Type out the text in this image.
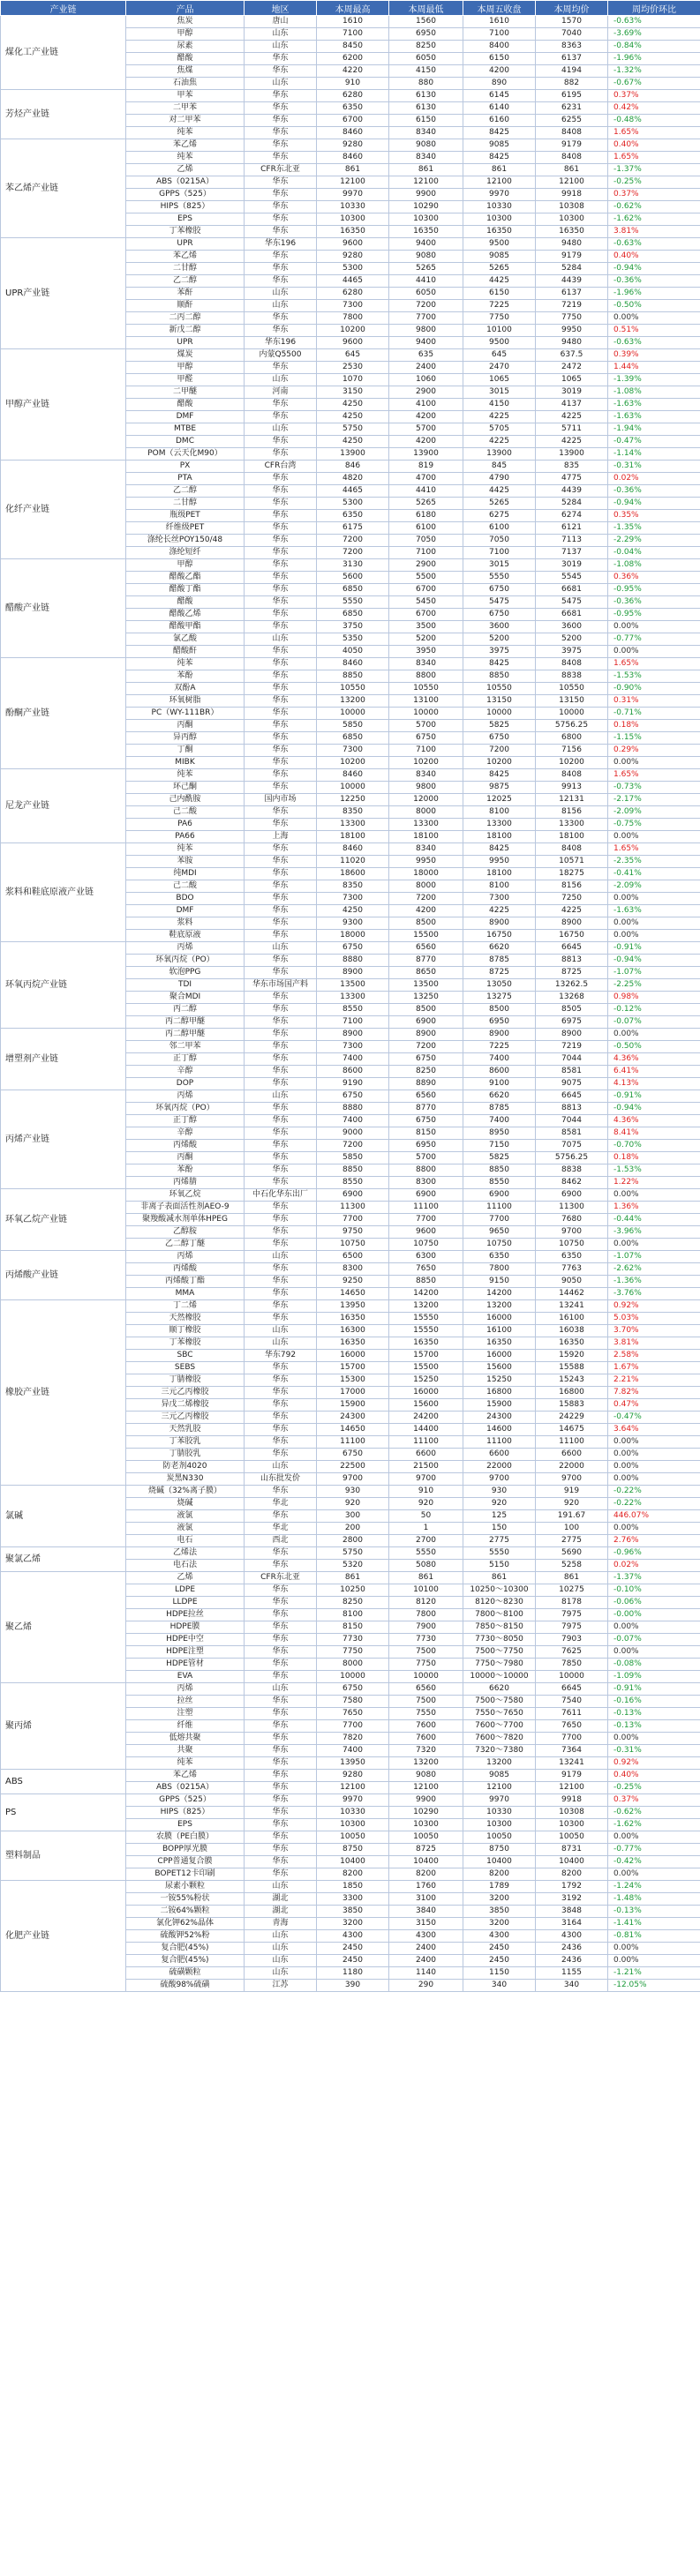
产业链	产品	地区	本周最高	本周最低	本周五收盘	本周均价	周均价环比
煤化工产业链	焦炭	唐山	1610	1560	1610	1570	-0.63%
	甲醇	山东	7100	6950	7100	7040	-3.69%
	尿素	山东	8450	8250	8400	8363	-0.84%
	醋酸	华东	6200	6050	6150	6137	-1.96%
	焦煤	华东	4220	4150	4200	4194	-1.32%
	石油焦	山东	910	880	890	882	-0.67%
芳烃产业链	甲苯	华东	6280	6130	6145	6195	0.37%
	二甲苯	华东	6350	6130	6140	6231	0.42%
	对二甲苯	华东	6700	6150	6160	6255	-0.48%
	纯苯	华东	8460	8340	8425	8408	1.65%
苯乙烯产业链	苯乙烯	华东	9280	9080	9085	9179	0.40%
	纯苯	华东	8460	8340	8425	8408	1.65%
	乙烯	CFR东北亚	861	861	861	861	-1.37%
	ABS（0215A）	华东	12100	12100	12100	12100	-0.25%
	GPPS（525）	华东	9970	9900	9970	9918	0.37%
	HIPS（825）	华东	10330	10290	10330	10308	-0.62%
	EPS	华东	10300	10300	10300	10300	-1.62%
	丁苯橡胶	华东	16350	16350	16350	16350	3.81%
UPR产业链	UPR	华东196	9600	9400	9500	9480	-0.63%
	苯乙烯	华东	9280	9080	9085	9179	0.40%
	二甘醇	华东	5300	5265	5265	5284	-0.94%
	乙二醇	华东	4465	4410	4425	4439	-0.36%
	苯酐	山东	6280	6050	6150	6137	-1.96%
	顺酐	山东	7300	7200	7225	7219	-0.50%
	二丙二醇	华东	7800	7700	7750	7750	0.00%
	新戊二醇	华东	10200	9800	10100	9950	0.51%
	UPR	华东196	9600	9400	9500	9480	-0.63%
甲醇产业链	煤炭	内蒙Q5500	645	635	645	637.5	0.39%
	甲醇	华东	2530	2400	2470	2472	1.44%
	甲醛	山东	1070	1060	1065	1065	-1.39%
	二甲醚	河南	3150	2900	3015	3019	-1.08%
	醋酸	华东	4250	4100	4150	4137	-1.63%
	DMF	华东	4250	4200	4225	4225	-1.63%
	MTBE	山东	5750	5700	5705	5711	-1.94%
	DMC	华东	4250	4200	4225	4225	-0.47%
	POM（云天化M90）	华东	13900	13900	13900	13900	-1.14%
化纤产业链	PX	CFR台湾	846	819	845	835	-0.31%
	PTA	华东	4820	4700	4790	4775	0.02%
	乙二醇	华东	4465	4410	4425	4439	-0.36%
	二甘醇	华东	5300	5265	5265	5284	-0.94%
	瓶级PET	华东	6350	6180	6275	6274	0.35%
	纤维级PET	华东	6175	6100	6100	6121	-1.35%
	涤纶长丝POY150/48	华东	7200	7050	7050	7113	-2.29%
	涤纶短纤	华东	7200	7100	7100	7137	-0.04%
醋酸产业链	甲醇	华东	3130	2900	3015	3019	-1.08%
	醋酸乙酯	华东	5600	5500	5550	5545	0.36%
	醋酸丁酯	华东	6850	6700	6750	6681	-0.95%
	醋酸	华东	5550	5450	5475	5475	-0.36%
	醋酸乙烯	华东	6850	6700	6750	6681	-0.95%
	醋酸甲酯	华东	3750	3500	3600	3600	0.00%
	氯乙酸	山东	5350	5200	5200	5200	-0.77%
	醋酸酐	华东	4050	3950	3975	3975	0.00%
酚酮产业链	纯苯	华东	8460	8340	8425	8408	1.65%
	苯酚	华东	8850	8800	8850	8838	-1.53%
	双酚A	华东	10550	10550	10550	10550	-0.90%
	环氧树脂	华东	13200	13100	13150	13150	0.31%
	PC（WY-111BR）	华东	10000	10000	10000	10000	-0.71%
	丙酮	华东	5850	5700	5825	5756.25	0.18%
	异丙醇	华东	6850	6750	6750	6800	-1.15%
	丁酮	华东	7300	7100	7200	7156	0.29%
	MIBK	华东	10200	10200	10200	10200	0.00%
尼龙产业链	纯苯	华东	8460	8340	8425	8408	1.65%
	环己酮	华东	10000	9800	9875	9913	-0.73%
	己内酰胺	国内市场	12250	12000	12025	12131	-2.17%
	己二酸	华东	8350	8000	8100	8156	-2.09%
	PA6	华东	13300	13300	13300	13300	-0.75%
	PA66	上海	18100	18100	18100	18100	0.00%
浆料和鞋底原液产业链	纯苯	华东	8460	8340	8425	8408	1.65%
	苯胺	华东	11020	9950	9950	10571	-2.35%
	纯MDI	华东	18600	18000	18100	18275	-0.41%
	己二酸	华东	8350	8000	8100	8156	-2.09%
	BDO	华东	7300	7200	7300	7250	0.00%
	DMF	华东	4250	4200	4225	4225	-1.63%
	浆料	华东	9300	8500	8900	8900	0.00%
	鞋底原液	华东	18000	15500	16750	16750	0.00%
环氧丙烷产业链	丙烯	山东	6750	6560	6620	6645	-0.91%
	环氧丙烷（PO）	华东	8880	8770	8785	8813	-0.94%
	软泡PPG	华东	8900	8650	8725	8725	-1.07%
	TDI	华东市场国产料	13500	13500	13050	13262.5	-2.25%
	聚合MDI	华东	13300	13250	13275	13268	0.98%
	丙二醇	华东	8550	8500	8500	8505	-0.12%
	丙二醇甲醚	华东	7100	6900	6950	6975	-0.07%
增塑剂产业链	丙二醇甲醚	华东	8900	8900	8900	8900	0.00%
	邻二甲苯	华东	7300	7200	7225	7219	-0.50%
	正丁醇	华东	7400	6750	7400	7044	4.36%
	辛醇	华东	8600	8250	8600	8581	6.41%
	DOP	华东	9190	8890	9100	9075	4.13%
丙烯产业链	丙烯	山东	6750	6560	6620	6645	-0.91%
	环氧丙烷（PO）	华东	8880	8770	8785	8813	-0.94%
	正丁醇	华东	7400	6750	7400	7044	4.36%
	辛醇	华东	9000	8150	8950	8581	8.41%
	丙烯酸	华东	7200	6950	7150	7075	-0.70%
	丙酮	华东	5850	5700	5825	5756.25	0.18%
	苯酚	华东	8850	8800	8850	8838	-1.53%
	丙烯腈	华东	8550	8300	8550	8462	1.22%
环氧乙烷产业链	环氧乙烷	中石化华东出厂	6900	6900	6900	6900	0.00%
	非离子表面活性剂AEO-9	华东	11300	11100	11100	11300	1.36%
	聚羧酸减水剂单体HPEG	华东	7700	7700	7700	7680	-0.44%
	乙醇胺	华东	9750	9600	9650	9700	-3.96%
	乙二醇丁醚	华东	10750	10750	10750	10750	0.00%
丙烯酸产业链	丙烯	山东	6500	6300	6350	6350	-1.07%
	丙烯酸	华东	8300	7650	7800	7763	-2.62%
	丙烯酸丁酯	华东	9250	8850	9150	9050	-1.36%
	MMA	华东	14650	14200	14200	14462	-3.76%
橡胶产业链	丁二烯	华东	13950	13200	13200	13241	0.92%
	天然橡胶	华东	16350	15550	16000	16100	5.03%
	顺丁橡胶	山东	16300	15550	16100	16038	3.70%
	丁苯橡胶	山东	16350	16350	16350	16350	3.81%
	SBC	华东792	16000	15700	16000	15920	2.58%
	SEBS	华东	15700	15500	15600	15588	1.67%
	丁腈橡胶	华东	15300	15250	15250	15243	2.21%
	三元乙丙橡胶	华东	17000	16000	16800	16800	7.82%
	异戊二烯橡胶	华东	15900	15600	15900	15883	0.47%
	三元乙丙橡胶	华东	24300	24200	24300	24229	-0.47%
	天然乳胶	华东	14650	14400	14600	14675	3.64%
	丁苯胶乳	华东	11100	11100	11100	11100	0.00%
	丁腈胶乳	华东	6750	6600	6600	6600	0.00%
	防老剂4020	山东	22500	21500	22000	22000	0.00%
	炭黑N330	山东批发价	9700	9700	9700	9700	0.00%
氯碱	烧碱（32%离子膜）	华东	930	910	930	919	-0.22%
	烧碱	华北	920	920	920	920	-0.22%
	液氯	华东	300	50	125	191.67	446.07%
	液氯	华北	200	1	150	100	0.00%
	电石	西北	2800	2700	2775	2775	2.76%
聚氯乙烯	乙烯法	华东	5750	5550	5550	5690	-0.96%
	电石法	华东	5320	5080	5150	5258	0.02%
聚乙烯	乙烯	CFR东北亚	861	861	861	861	-1.37%
	LDPE	华东	10250	10100	10250～10300	10275	-0.10%
	LLDPE	华东	8250	8120	8120～8230	8178	-0.06%
	HDPE拉丝	华东	8100	7800	7800～8100	7975	-0.00%
	HDPE膜	华东	8150	7900	7850～8150	7975	0.00%
	HDPE中空	华东	7730	7730	7730～8050	7903	-0.07%
	HDPE注塑	华东	7750	7500	7500～7750	7625	0.00%
	HDPE管材	华东	8000	7750	7750～7980	7850	-0.08%
	EVA	华东	10000	10000	10000～10000	10000	-1.09%
聚丙烯	丙烯	山东	6750	6560	6620	6645	-0.91%
	拉丝	华东	7580	7500	7500～7580	7540	-0.16%
	注塑	华东	7650	7550	7550～7650	7611	-0.13%
	纤维	华东	7700	7600	7600～7700	7650	-0.13%
	低熔共聚	华东	7820	7600	7600～7820	7700	0.00%
	共聚	华东	7400	7320	7320～7380	7364	-0.31%
	纯苯	华东	13950	13200	13200	13241	0.92%
ABS	苯乙烯	华东	9280	9080	9085	9179	0.40%
	ABS（0215A）	华东	12100	12100	12100	12100	-0.25%
PS	GPPS（525）	华东	9970	9900	9970	9918	0.37%
	HIPS（825）	华东	10330	10290	10330	10308	-0.62%
	EPS	华东	10300	10300	10300	10300	-1.62%
塑料制品	农膜（PE白膜）	华东	10050	10050	10050	10050	0.00%
	BOPP厚光膜	华东	8750	8725	8750	8731	-0.77%
	CPP普通复合膜	华东	10400	10400	10400	10400	-0.42%
	BOPET12卡印刷	华东	8200	8200	8200	8200	0.00%
化肥产业链	尿素小颗粒	山东	1850	1760	1789	1792	-1.24%
	一铵55%粉状	湖北	3300	3100	3200	3192	-1.48%
	二铵64%颗粒	湖北	3850	3840	3850	3848	-0.13%
	氯化钾62%晶体	青海	3200	3150	3200	3164	-1.41%
	硫酸钾52%粉	山东	4300	4300	4300	4300	-0.81%
	复合肥(45%)	山东	2450	2400	2450	2436	0.00%
	复合肥(45%)	山东	2450	2400	2450	2436	0.00%
	硫磺颗粒	山东	1180	1140	1150	1155	-1.21%
	硫酸98%硫磺	江苏	390	290	340	340	-12.05%
